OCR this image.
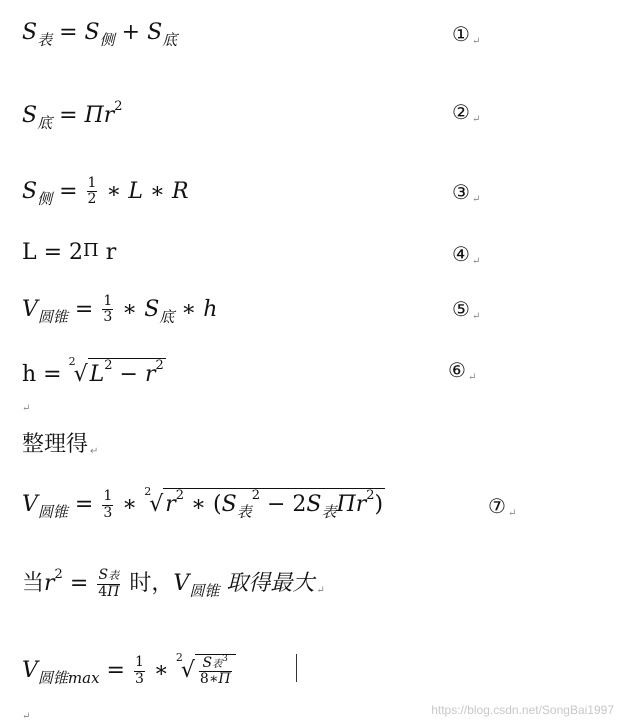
$S_表 = S_侧 + S_底$	① ↵
$S_底 = \Pi r^2$	② ↵
$S_侧 = \frac{1}{2}$ ∗ L ∗ R	③ ↵
L = 2Π r	④ ↵
$V_{圆锥} = \frac{1}{3}$ ∗ $S_底$ ∗ h	⑤ ↵
$h = ^2√L^2 - r^2$	⑥ ↵
↵
整理得 ↵
$V_{圆锥} = \frac{1}{3}$ ∗ $^2√r^2$ ∗ $(S_表^2 - 2S_表\Pi r^2)$	⑦ ↵
当$r^2 = \frac{\text{S表}}{4\Pi}$ 时，$V_{圆锥}$ 取得最大 ↵
$V_{圆锥max} = \frac{1}{3}$ ∗ $^2√ \frac{S表^3}{8∗\Pi}$
↵	https://blog.csdn.net/SongBai1997
